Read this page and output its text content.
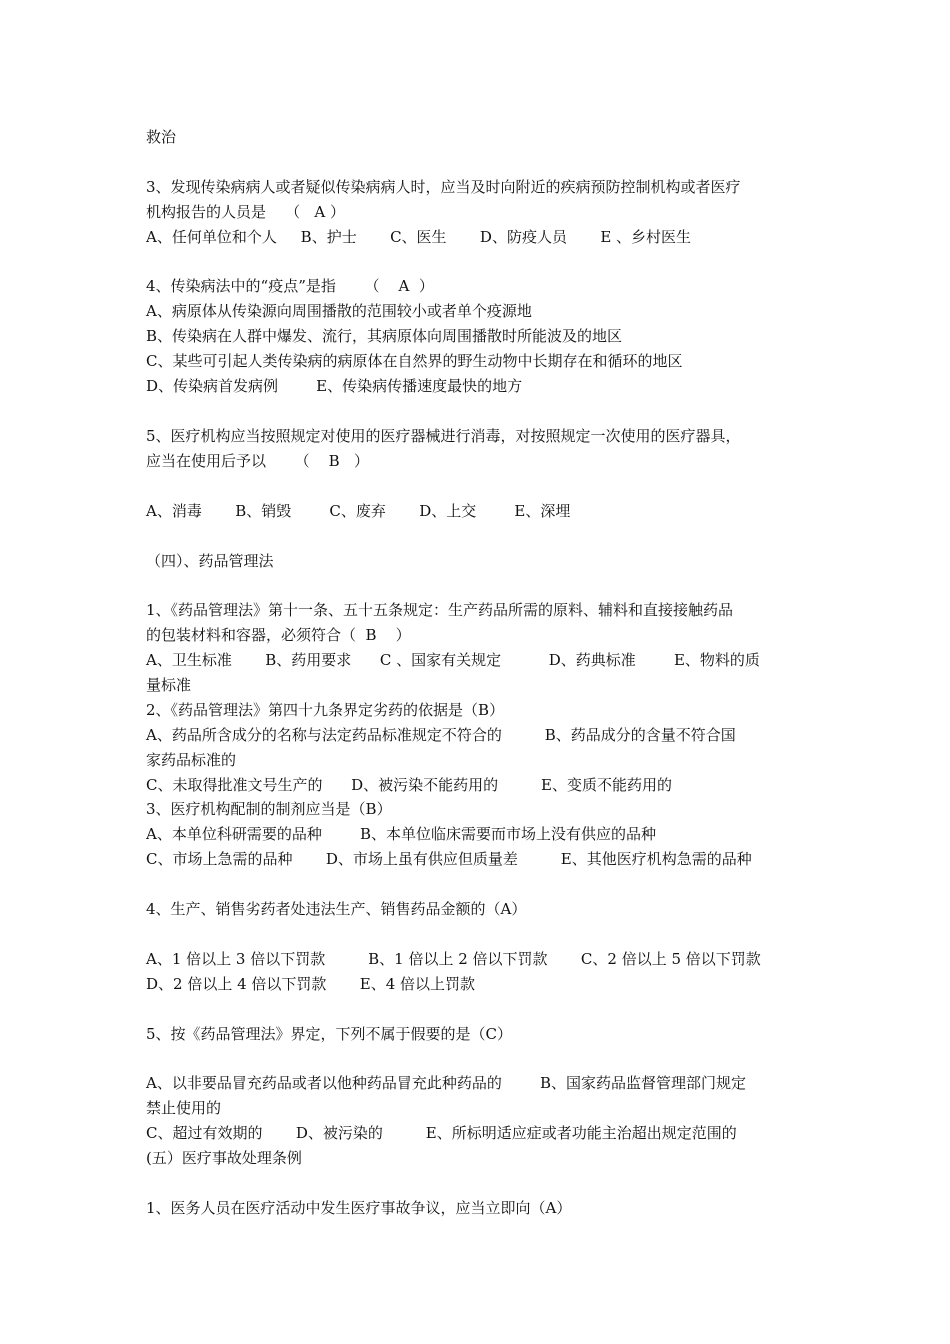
救治
3、发现传染病病人或者疑似传染病病人时，应当及时向附近的疾病预防控制机构或者医疗
机构报告的人员是    （   A ）
A、任何单位和个人     B、护士       C、医生       D、防疫人员       E 、乡村医生
4、传染病法中的“疫点”是指      （    A  ）
A、病原体从传染源向周围播散的范围较小或者单个疫源地
B、传染病在人群中爆发、流行，其病原体向周围播散时所能波及的地区
C、某些可引起人类传染病的病原体在自然界的野生动物中长期存在和循环的地区
D、传染病首发病例        E、传染病传播速度最快的地方
5、医疗机构应当按照规定对使用的医疗器械进行消毒，对按照规定一次使用的医疗器具，
应当在使用后予以      （    B   ）
A、消毒       B、销毁        C、废弃       D、上交        E、深埋
（四）、药品管理法
1、《药品管理法》第十一条、五十五条规定：生产药品所需的原料、辅料和直接接触药品
的包装材料和容器，必须符合（  B    ）
A、卫生标准       B、药用要求      C 、国家有关规定          D、药典标准        E、物料的质
量标准
2、《药品管理法》第四十九条界定劣药的依据是（B）
A、药品所含成分的名称与法定药品标准规定不符合的         B、药品成分的含量不符合国
家药品标准的
C、未取得批准文号生产的      D、被污染不能药用的         E、变质不能药用的
3、医疗机构配制的制剂应当是（B）
A、本单位科研需要的品种        B、本单位临床需要而市场上没有供应的品种
C、市场上急需的品种       D、市场上虽有供应但质量差         E、其他医疗机构急需的品种
4、生产、销售劣药者处违法生产、销售药品金额的（A）
A、1 倍以上 3 倍以下罚款         B、1 倍以上 2 倍以下罚款       C、2 倍以上 5 倍以下罚款
D、2 倍以上 4 倍以下罚款       E、4 倍以上罚款
5、按《药品管理法》界定，下列不属于假要的是（C）
A、以非要品冒充药品或者以他种药品冒充此种药品的        B、国家药品监督管理部门规定
禁止使用的
C、超过有效期的       D、被污染的         E、所标明适应症或者功能主治超出规定范围的
(五）医疗事故处理条例
1、医务人员在医疗活动中发生医疗事故争议，应当立即向（A）
